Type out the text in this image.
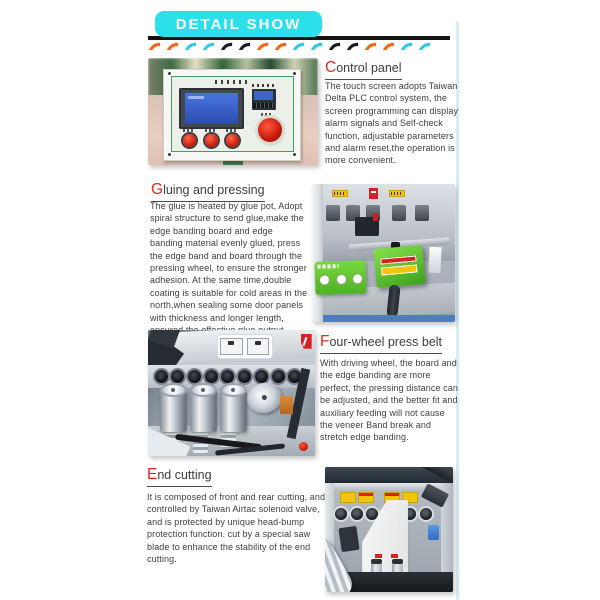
DETAIL SHOW
Control panel

The touch screen adopts Taiwan Delta PLC control system, the screen programming can display alarm signals and Self-check function, adjustable parameters and alarm reset,the operation is more convenient.

Gluing and pressing

The glue is heated by glue pot, Adopt spiral structure to send glue,make the edge banding board and edge banding material evenly glued, press the edge band and board through the pressing wheel, to ensure the stronger adhesion. At the same time,double coating is suitable for cold areas in the north,when sealing some door panels with thickness and longer length,

Four-wheel press belt

With driving wheel, the board and the edge banding are more perfect, the pressing distance can be adjusted, and the better fit and auxiliary feeding will not cause the veneer Band break and stretch edge banding.

End cutting

It is composed of front and rear cutting, and controlled by Taiwan Airtac solenoid valve, and is protected by unique head-bump protection function. cut by a special saw blade to enhance the stability of the end cutting.
